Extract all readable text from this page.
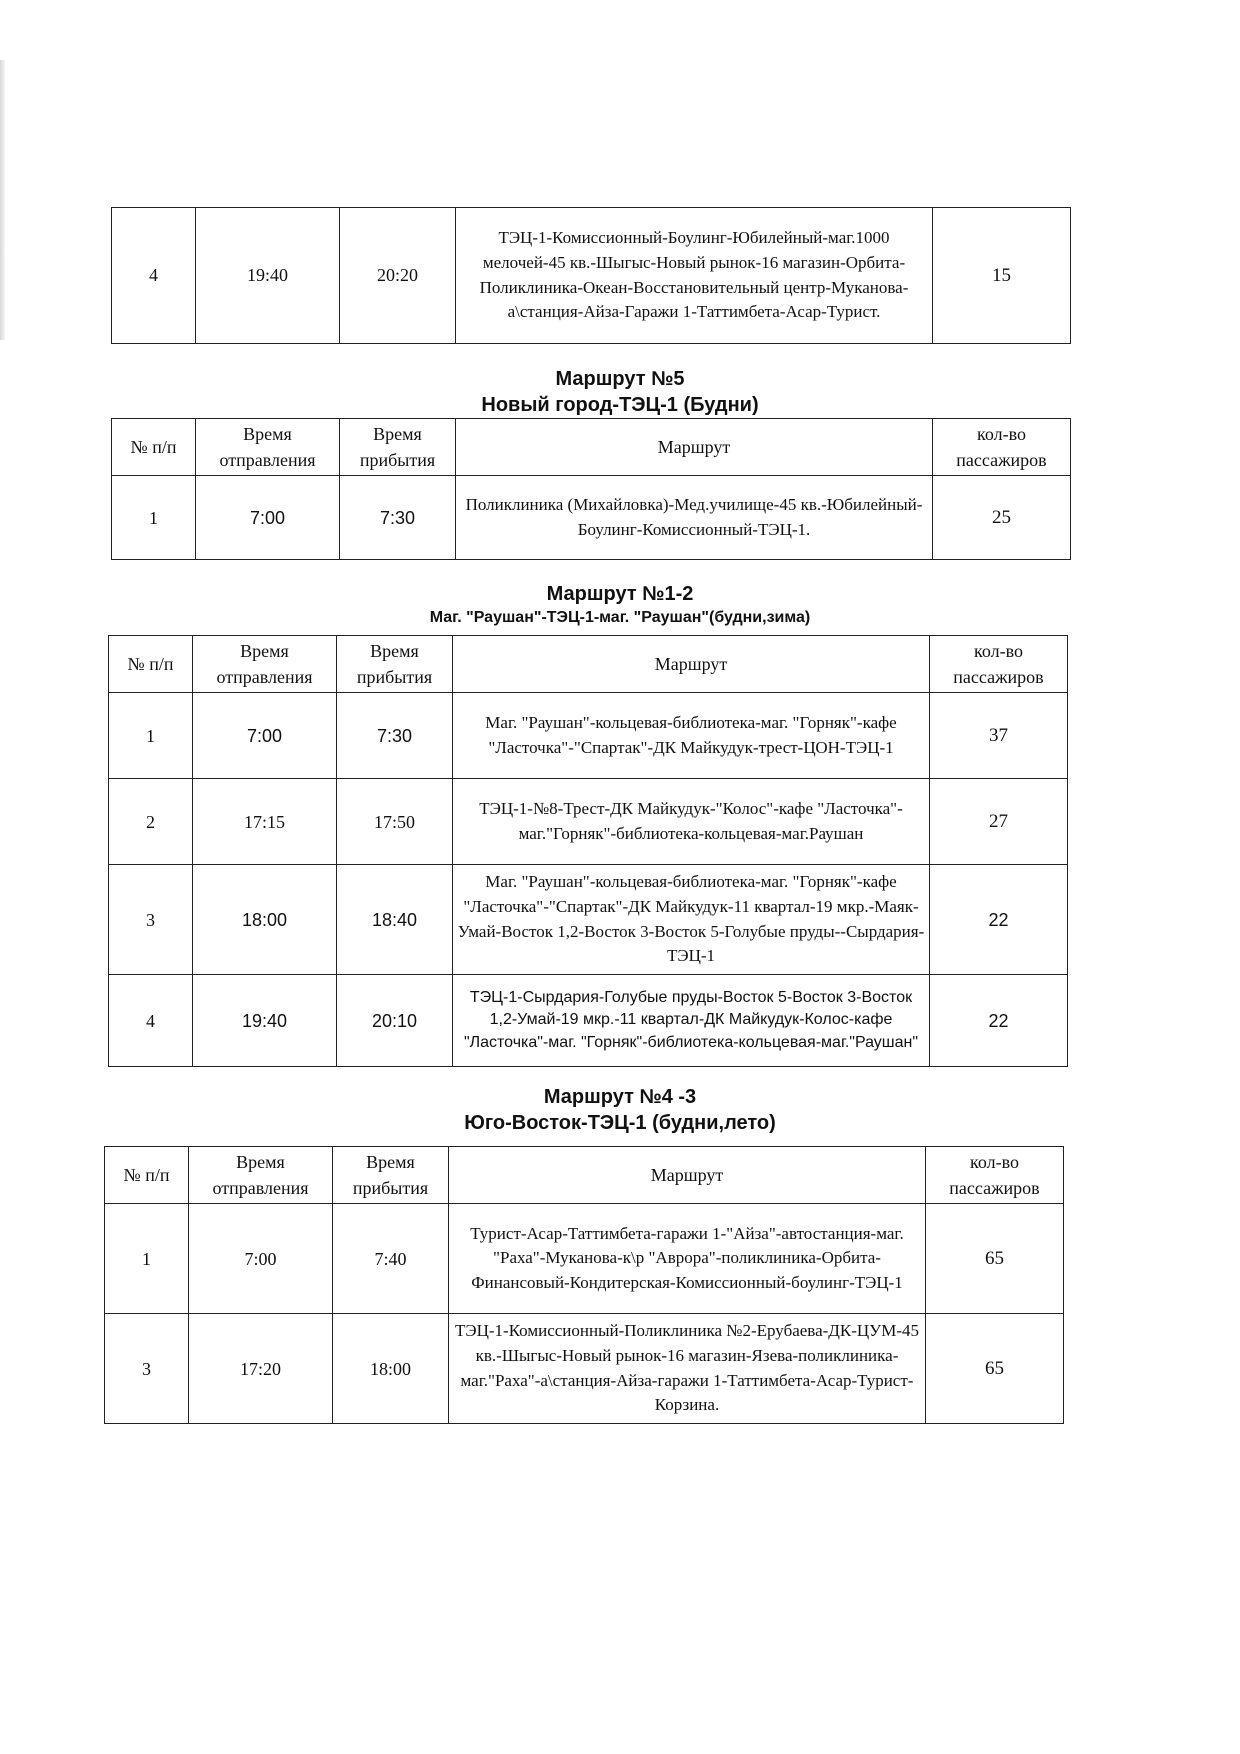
4	19:40	20:20	ТЭЦ-1-Комиссионный-Боулинг-Юбилейный-маг.1000 мелочей-45 кв.-Шыгыс-Новый рынок-16 магазин-Орбита-Поликлиника-Океан-Восстановительный центр-Муканова-а\станция-Айза-Гаражи 1-Таттимбета-Асар-Турист.	15
Маршрут №5
Новый город-ТЭЦ-1 (Будни)
№ п/п	Время отправления	Время прибытия	Маршрут	кол-во пассажиров
1	7:00	7:30	Поликлиника (Михайловка)-Мед.училище-45 кв.-Юбилейный-Боулинг-Комиссионный-ТЭЦ-1.	25
Маршрут №1-2
Маг. "Раушан"-ТЭЦ-1-маг. "Раушан"(будни,зима)
№ п/п	Время отправления	Время прибытия	Маршрут	кол-во пассажиров
1	7:00	7:30	Маг. "Раушан"-кольцевая-библиотека-маг. "Горняк"-кафе "Ласточка"-"Спартак"-ДК Майкудук-трест-ЦОН-ТЭЦ-1	37
2	17:15	17:50	ТЭЦ-1-№8-Трест-ДК Майкудук-"Колос"-кафе "Ласточка"-маг."Горняк"-библиотека-кольцевая-маг.Раушан	27
3	18:00	18:40	Маг. "Раушан"-кольцевая-библиотека-маг. "Горняк"-кафе "Ласточка"-"Спартак"-ДК Майкудук-11 квартал-19 мкр.-Маяк-Умай-Восток 1,2-Восток 3-Восток 5-Голубые пруды--Сырдария-ТЭЦ-1	22
4	19:40	20:10	ТЭЦ-1-Сырдария-Голубые пруды-Восток 5-Восток 3-Восток 1,2-Умай-19 мкр.-11 квартал-ДК Майкудук-Колос-кафе "Ласточка"-маг. "Горняк"-библиотека-кольцевая-маг."Раушан"	22
Маршрут №4 -3
Юго-Восток-ТЭЦ-1 (будни,лето)
№ п/п	Время отправления	Время прибытия	Маршрут	кол-во пассажиров
1	7:00	7:40	Турист-Асар-Таттимбета-гаражи 1-"Айза"-автостанция-маг. "Раха"-Муканова-к\р "Аврора"-поликлиника-Орбита-Финансовый-Кондитерская-Комиссионный-боулинг-ТЭЦ-1	65
3	17:20	18:00	ТЭЦ-1-Комиссионный-Поликлиника №2-Ерубаева-ДК-ЦУМ-45 кв.-Шыгыс-Новый рынок-16 магазин-Язева-поликлиника-маг."Раха"-а\станция-Айза-гаражи 1-Таттимбета-Асар-Турист-Корзина.	65
